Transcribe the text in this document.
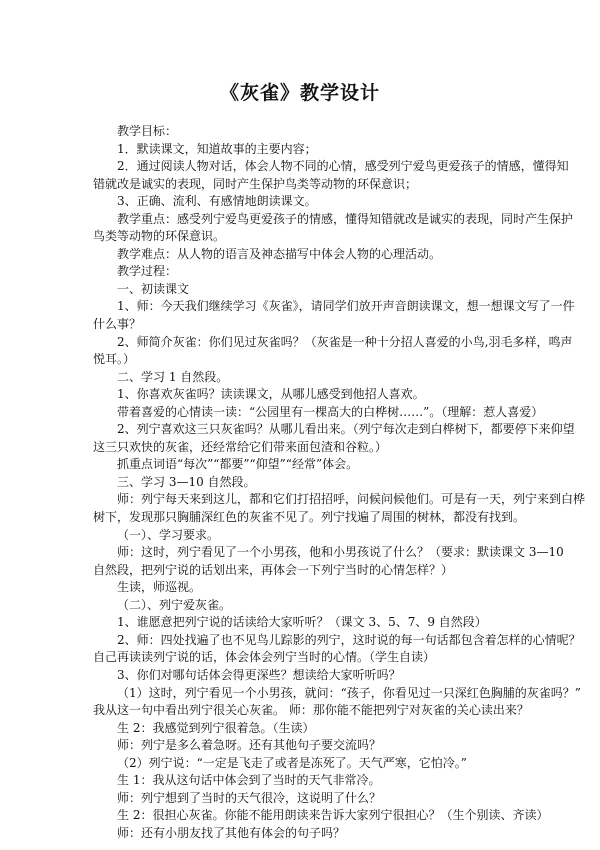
《灰雀》教学设计
教学目标：
1．默读课文，知道故事的主要内容；
2．通过阅读人物对话，体会人物不同的心情，感受列宁爱鸟更爱孩子的情感，懂得知
错就改是诚实的表现，同时产生保护鸟类等动物的环保意识；
3、正确、流利、有感情地朗读课文。
教学重点：感受列宁爱鸟更爱孩子的情感，懂得知错就改是诚实的表现，同时产生保护
鸟类等动物的环保意识。
教学难点：从人物的语言及神态描写中体会人物的心理活动。
教学过程：
一、初读课文
1、师：今天我们继续学习《灰雀》，请同学们放开声音朗读课文，想一想课文写了一件
什么事？
2、师简介灰雀：你们见过灰雀吗？（灰雀是一种十分招人喜爱的小鸟,羽毛多样，鸣声
悦耳。）
二、学习 1 自然段。
1、你喜欢灰雀吗？读读课文，从哪儿感受到他招人喜欢。
带着喜爱的心情读一读：“公园里有一棵高大的白桦树……”。（理解：惹人喜爱）
2、列宁喜欢这三只灰雀吗？从哪儿看出来。（列宁每次走到白桦树下，都要停下来仰望
这三只欢快的灰雀，还经常给它们带来面包渣和谷粒。）
抓重点词语“每次”“都要”“仰望”“经常”体会。
三、学习 3—10 自然段。
师：列宁每天来到这儿，都和它们打招招呼，问候问候他们。可是有一天，列宁来到白桦
树下，发现那只胸脯深红色的灰雀不见了。列宁找遍了周围的树林，都没有找到。
（一）、学习要求。
师：这时，列宁看见了一个小男孩，他和小男孩说了什么？（要求：默读课文 3—10
自然段，把列宁说的话划出来，再体会一下列宁当时的心情怎样？）
生读，师巡视。
（二）、列宁爱灰雀。
1、谁愿意把列宁说的话读给大家听听？（课文 3、5、7、9 自然段）
2、师：四处找遍了也不见鸟儿踪影的列宁，这时说的每一句话都包含着怎样的心情呢？
自己再读读列宁说的话，体会体会列宁当时的心情。（学生自读）
3、你们对哪句话体会得更深些？想读给大家听听吗？
（1）这时，列宁看见一个小男孩，就问：“孩子，你看见过一只深红色胸脯的灰雀吗？”
我从这一句中看出列宁很关心灰雀。 师：那你能不能把列宁对灰雀的关心读出来？
生 2：我感觉到列宁很着急。（生读）
师：列宁是多么着急呀。还有其他句子要交流吗？
（2）列宁说：“一定是飞走了或者是冻死了。天气严寒，它怕冷。”
生 1：我从这句话中体会到了当时的天气非常冷。
师：列宁想到了当时的天气很冷，这说明了什么？
生 2：很担心灰雀。你能不能用朗读来告诉大家列宁很担心？（生个别读、齐读）
师：还有小朋友找了其他有体会的句子吗？
